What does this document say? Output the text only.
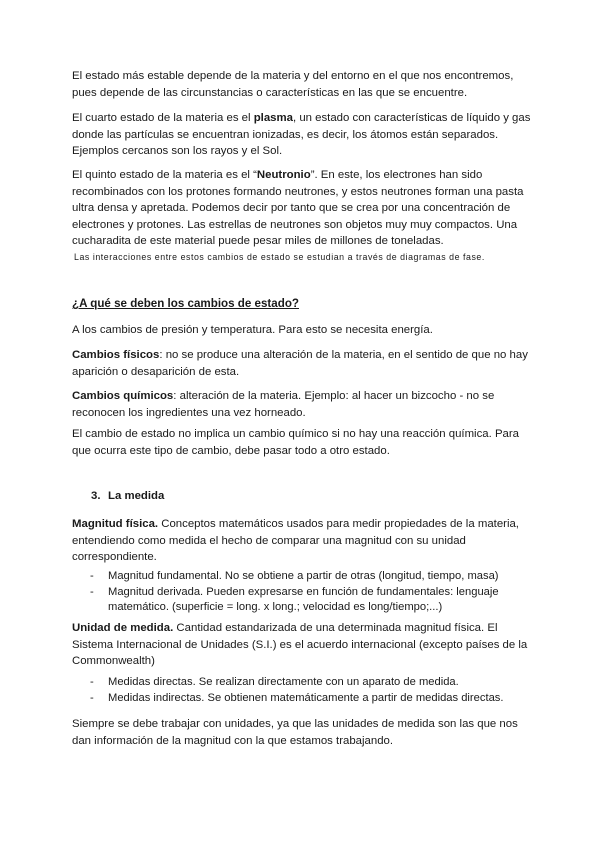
El estado más estable depende de la materia y del entorno en el que nos encontremos, pues depende de las circunstancias o características en las que se encuentre.

El cuarto estado de la materia es el plasma, un estado con características de líquido y gas donde las partículas se encuentran ionizadas, es decir, los átomos están separados. Ejemplos cercanos son los rayos y el Sol.

El quinto estado de la materia es el “Neutronio”. En este, los electrones han sido recombinados con los protones formando neutrones, y estos neutrones forman una pasta ultra densa y apretada. Podemos decir por tanto que se crea por una concentración de electrones y protones. Las estrellas de neutrones son objetos muy muy compactos. Una cucharadita de este material puede pesar miles de millones de toneladas.

Las interacciones entre estos cambios de estado se estudian a través de diagramas de fase.

¿A qué se deben los cambios de estado?

A los cambios de presión y temperatura. Para esto se necesita energía.

Cambios físicos: no se produce una alteración de la materia, en el sentido de que no hay aparición o desaparición de esta.

Cambios químicos: alteración de la materia. Ejemplo: al hacer un bizcocho - no se reconocen los ingredientes una vez horneado.

El cambio de estado no implica un cambio químico si no hay una reacción química. Para que ocurra este tipo de cambio, debe pasar todo a otro estado.

3. La medida

Magnitud física. Conceptos matemáticos usados para medir propiedades de la materia, entendiendo como medida el hecho de comparar una magnitud con su unidad correspondiente.

- Magnitud fundamental. No se obtiene a partir de otras (longitud, tiempo, masa)
- Magnitud derivada. Pueden expresarse en función de fundamentales: lenguaje matemático. (superficie = long. x long.; velocidad es long/tiempo;...)

Unidad de medida. Cantidad estandarizada de una determinada magnitud física. El Sistema Internacional de Unidades (S.I.) es el acuerdo internacional (excepto países de la Commonwealth)

- Medidas directas. Se realizan directamente con un aparato de medida.
- Medidas indirectas. Se obtienen matemáticamente a partir de medidas directas.

Siempre se debe trabajar con unidades, ya que las unidades de medida son las que nos dan información de la magnitud con la que estamos trabajando.
